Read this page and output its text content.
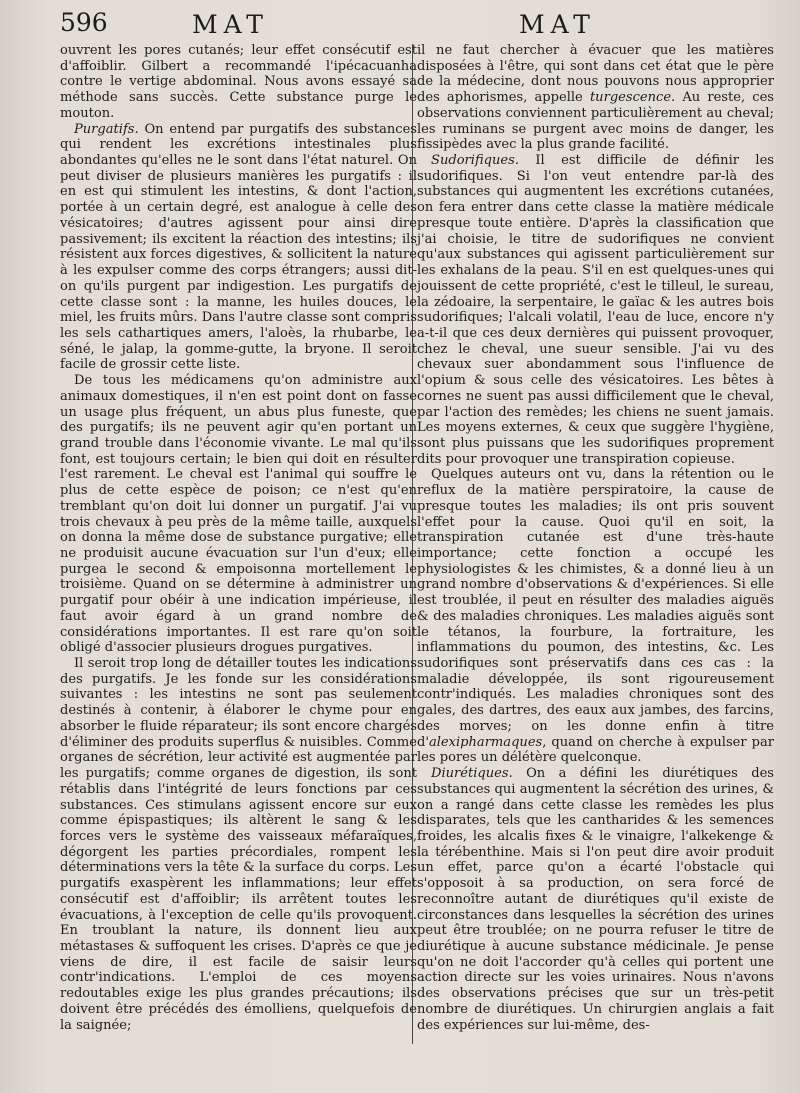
596	MAT	MAT

ouvrent les pores cutanés; leur effet consécutif est d'affoiblir. Gilbert a recommandé l'ipécacuanha contre le vertige abdominal. Nous avons essayé sa méthode sans succès. Cette substance purge le mouton.

Purgatifs. On entend par purgatifs des substances qui rendent les excrétions intestinales plus abondantes qu'elles ne le sont dans l'état naturel. On peut diviser de plusieurs manières les purgatifs : il en est qui stimulent les intestins, & dont l'action, portée à un certain degré, est analogue à celle des vésicatoires; d'autres agissent pour ainsi dire passivement; ils excitent la réaction des intestins; ils résistent aux forces digestives, & sollicitent la nature à les expulser comme des corps étrangers; aussi dit-on qu'ils purgent par indigestion. Les purgatifs de cette classe sont : la manne, les huiles douces, le miel, les fruits mûrs. Dans l'autre classe sont compris les sels cathartiques amers, l'aloès, la rhubarbe, le séné, le jalap, la gomme-gutte, la bryone. Il seroit facile de grossir cette liste.

De tous les médicamens qu'on administre aux animaux domestiques, il n'en est point dont on fasse un usage plus fréquent, un abus plus funeste, que des purgatifs; ils ne peuvent agir qu'en portant un grand trouble dans l'économie vivante. Le mal qu'ils font, est toujours certain; le bien qui doit en résulter l'est rarement. Le cheval est l'animal qui souffre le plus de cette espèce de poison; ce n'est qu'en tremblant qu'on doit lui donner un purgatif. J'ai vu trois chevaux à peu près de la même taille, auxquels on donna la même dose de substance purgative; elle ne produisit aucune évacuation sur l'un d'eux; elle purgea le second & empoisonna mortellement le troisième. Quand on se détermine à administrer un purgatif pour obéir à une indication impérieuse, il faut avoir égard à un grand nombre de considérations importantes. Il est rare qu'on soit obligé d'associer plusieurs drogues purgatives.

Il seroit trop long de détailler toutes les indications des purgatifs. Je les fonde sur les considérations suivantes : les intestins ne sont pas seulement destinés à contenir, à élaborer le chyme pour en absorber le fluide réparateur; ils sont encore chargés d'éliminer des produits superflus & nuisibles. Comme organes de sécrétion, leur activité est augmentée par les purgatifs; comme organes de digestion, ils sont rétablis dans l'intégrité de leurs fonctions par ces substances. Ces stimulans agissent encore sur eux comme épispastiques; ils altèrent le sang & les forces vers le système des vaisseaux méfaraïques, dégorgent les parties précordiales, rompent les déterminations vers la tête & la surface du corps. Les purgatifs exaspèrent les inflammations; leur effet consécutif est d'affoiblir; ils arrêtent toutes les évacuations, à l'exception de celle qu'ils provoquent. En troublant la nature, ils donnent lieu aux métastases & suffoquent les crises. D'après ce que je viens de dire, il est facile de saisir leurs contr'indications. L'emploi de ces moyens redoutables exige les plus grandes précautions; ils doivent être précédés des émolliens, quelquefois de la saignée;

il ne faut chercher à évacuer que les matières disposées à l'être, qui sont dans cet état que le père de la médecine, dont nous pouvons nous approprier des aphorismes, appelle turgescence. Au reste, ces observations conviennent particulièrement au cheval; les ruminans se purgent avec moins de danger, les fissipèdes avec la plus grande facilité.

Sudorifiques. Il est difficile de définir les sudorifiques. Si l'on veut entendre par-là des substances qui augmentent les excrétions cutanées, on fera entrer dans cette classe la matière médicale presque toute entière. D'après la classification que j'ai choisie, le titre de sudorifiques ne convient qu'aux substances qui agissent particulièrement sur les exhalans de la peau. S'il en est quelques-unes qui jouissent de cette propriété, c'est le tilleul, le sureau, la zédoaire, la serpentaire, le gaïac & les autres bois sudorifiques; l'alcali volatil, l'eau de luce, encore n'y a-t-il que ces deux dernières qui puissent provoquer, chez le cheval, une sueur sensible. J'ai vu des chevaux suer abondamment sous l'influence de l'opium & sous celle des vésicatoires. Les bêtes à cornes ne suent pas aussi difficilement que le cheval, par l'action des remèdes; les chiens ne suent jamais. Les moyens externes, & ceux que suggère l'hygiène, sont plus puissans que les sudorifiques proprement dits pour provoquer une transpiration copieuse.

Quelques auteurs ont vu, dans la rétention ou le reflux de la matière perspiratoire, la cause de presque toutes les maladies; ils ont pris souvent l'effet pour la cause. Quoi qu'il en soit, la transpiration cutanée est d'une très-haute importance; cette fonction a occupé les physiologistes & les chimistes, & a donné lieu à un grand nombre d'observations & d'expériences. Si elle est troublée, il peut en résulter des maladies aiguës & des maladies chroniques. Les maladies aiguës sont le tétanos, la fourbure, la fortraiture, les inflammations du poumon, des intestins, &c. Les sudorifiques sont préservatifs dans ces cas : la maladie développée, ils sont rigoureusement contr'indiqués. Les maladies chroniques sont des gales, des dartres, des eaux aux jambes, des farcins, des morves; on les donne enfin à titre d'alexipharmaques, quand on cherche à expulser par les pores un délétère quelconque.

Diurétiques. On a défini les diurétiques des substances qui augmentent la sécrétion des urines, & on a rangé dans cette classe les remèdes les plus disparates, tels que les cantharides & les semences froides, les alcalis fixes & le vinaigre, l'alkekenge & la térébenthine. Mais si l'on peut dire avoir produit un effet, parce qu'on a écarté l'obstacle qui s'opposoit à sa production, on sera forcé de reconnoître autant de diurétiques qu'il existe de circonstances dans lesquelles la sécrétion des urines peut être troublée; on ne pourra refuser le titre de diurétique à aucune substance médicinale. Je pense qu'on ne doit l'accorder qu'à celles qui portent une action directe sur les voies urinaires. Nous n'avons des observations précises que sur un très-petit nombre de diurétiques. Un chirurgien anglais a fait des expériences sur lui-même, des-
